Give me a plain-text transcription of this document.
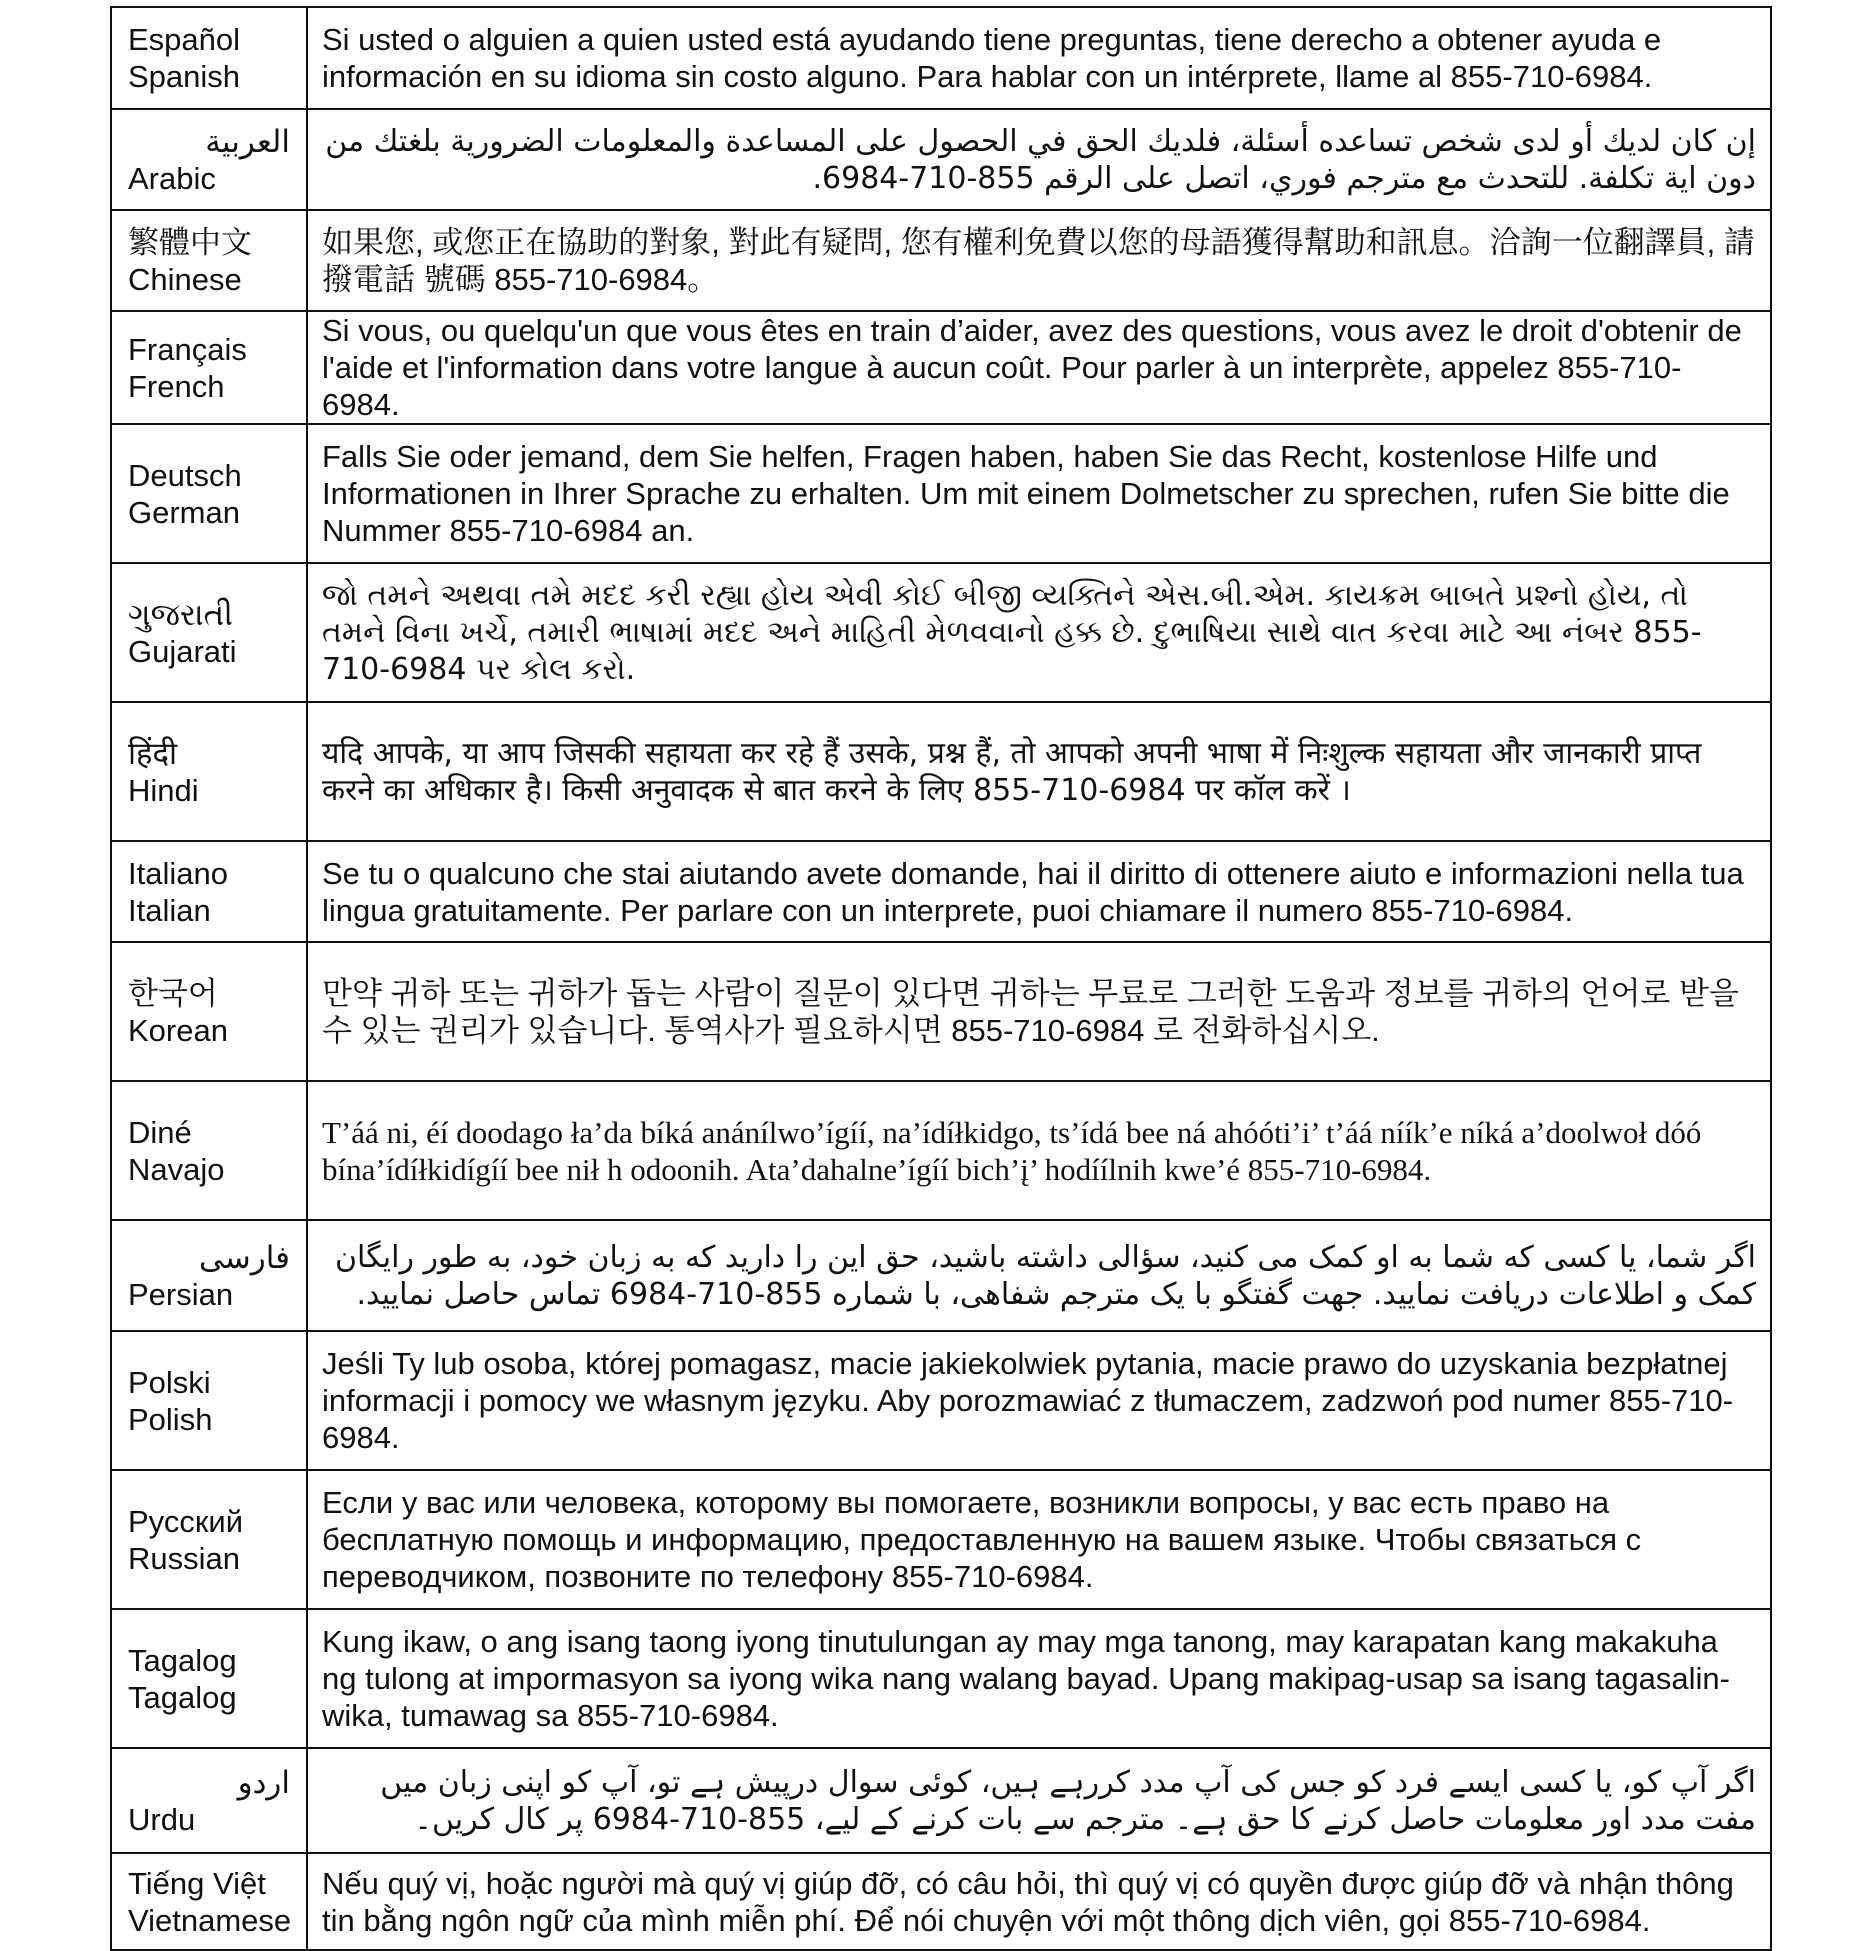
Español
Spanish	Si usted o alguien a quien usted está ayudando tiene preguntas, tiene derecho a obtener ayuda e información en su idioma sin costo alguno. Para hablar con un intérprete, llame al 855-710-6984.

العربية
Arabic	إن كان لديك أو لدى شخص تساعده أسئلة، فلديك الحق في الحصول على المساعدة والمعلومات الضرورية بلغتك من دون اية تكلفة. للتحدث مع مترجم فوري، اتصل على الرقم 855-710-6984.

繁體中文
Chinese	如果您, 或您正在協助的對象, 對此有疑問, 您有權利免費以您的母語獲得幫助和訊息。洽詢一位翻譯員, 請撥電話 號碼 855-710-6984。

Français
French	Si vous, ou quelqu'un que vous êtes en train d’aider, avez des questions, vous avez le droit d'obtenir de l'aide et l'information dans votre langue à aucun coût. Pour parler à un interprète, appelez 855-710-6984.

Deutsch
German	Falls Sie oder jemand, dem Sie helfen, Fragen haben, haben Sie das Recht, kostenlose Hilfe und Informationen in Ihrer Sprache zu erhalten. Um mit einem Dolmetscher zu sprechen, rufen Sie bitte die Nummer 855-710-6984 an.

ગુજરાતી
Gujarati	જો તમને અથવા તમે મદદ કરી રહ્યા હોય એવી કોઈ બીજી વ્યક્તિને એસ.બી.એમ. કાયક્રમ બાબતે પ્રશ્નો હોય, તો તમને વિના ખર્ચે, તમારી ભાષામાં મદદ અને માહિતી મેળવવાનો હક્ક છે. દુભાષિયા સાથે વાત કરવા માટે આ નંબર 855-710-6984 પર કોલ કરો.

हिंदी
Hindi	यदि आपके, या आप जिसकी सहायता कर रहे हैं उसके, प्रश्न हैं, तो आपको अपनी भाषा में निःशुल्क सहायता और जानकारी प्राप्त करने का अधिकार है। किसी अनुवादक से बात करने के लिए 855-710-6984 पर कॉल करें ।

Italiano
Italian	Se tu o qualcuno che stai aiutando avete domande, hai il diritto di ottenere aiuto e informazioni nella tua lingua gratuitamente. Per parlare con un interprete, puoi chiamare il numero 855-710-6984.

한국어
Korean	만약 귀하 또는 귀하가 돕는 사람이 질문이 있다면 귀하는 무료로 그러한 도움과 정보를 귀하의 언어로 받을 수 있는 권리가 있습니다. 통역사가 필요하시면 855-710-6984 로 전화하십시오.

Diné
Navajo	T’áá ni, éí doodago ła’da bíká anánílwo’ígíí, na’ídíłkidgo, ts’ídá bee ná ahóóti’i’ t’áá níík’e níká a’doolwoł dóó bína’ídíłkidígíí bee nił h odoonih. Ata’dahalne’ígíí bich’į’ hodíílnih kwe’é 855-710-6984.

فارسی
Persian	اگر شما، یا کسی که شما به او کمک می کنید، سؤالی داشته باشید، حق این را دارید که به زبان خود، به طور رایگان کمک و اطلاعات دریافت نمایید. جهت گفتگو با یک مترجم شفاهی، با شماره 855-710-6984 تماس حاصل نمایید.

Polski
Polish	Jeśli Ty lub osoba, której pomagasz, macie jakiekolwiek pytania, macie prawo do uzyskania bezpłatnej informacji i pomocy we własnym języku. Aby porozmawiać z tłumaczem, zadzwoń pod numer 855-710-6984.

Русский
Russian	Если у вас или человека, которому вы помогаете, возникли вопросы, у вас есть право на бесплатную помощь и информацию, предоставленную на вашем языке. Чтобы связаться с переводчиком, позвоните по телефону 855-710-6984.

Tagalog
Tagalog	Kung ikaw, o ang isang taong iyong tinutulungan ay may mga tanong, may karapatan kang makakuha ng tulong at impormasyon sa iyong wika nang walang bayad. Upang makipag-usap sa isang tagasalin-wika, tumawag sa 855-710-6984.

اردو
Urdu	اگر آپ کو، یا کسی ایسے فرد کو جس کی آپ مدد کررہے ہیں، کوئی سوال درپیش ہے تو، آپ کو اپنی زبان میں مفت مدد اور معلومات حاصل کرنے کا حق ہے۔ مترجم سے بات کرنے کے لیے، 855-710-6984 پر کال کریں۔

Tiếng Việt
Vietnamese	Nếu quý vị, hoặc người mà quý vị giúp đỡ, có câu hỏi, thì quý vị có quyền được giúp đỡ và nhận thông tin bằng ngôn ngữ của mình miễn phí. Để nói chuyện với một thông dịch viên, gọi 855-710-6984.
